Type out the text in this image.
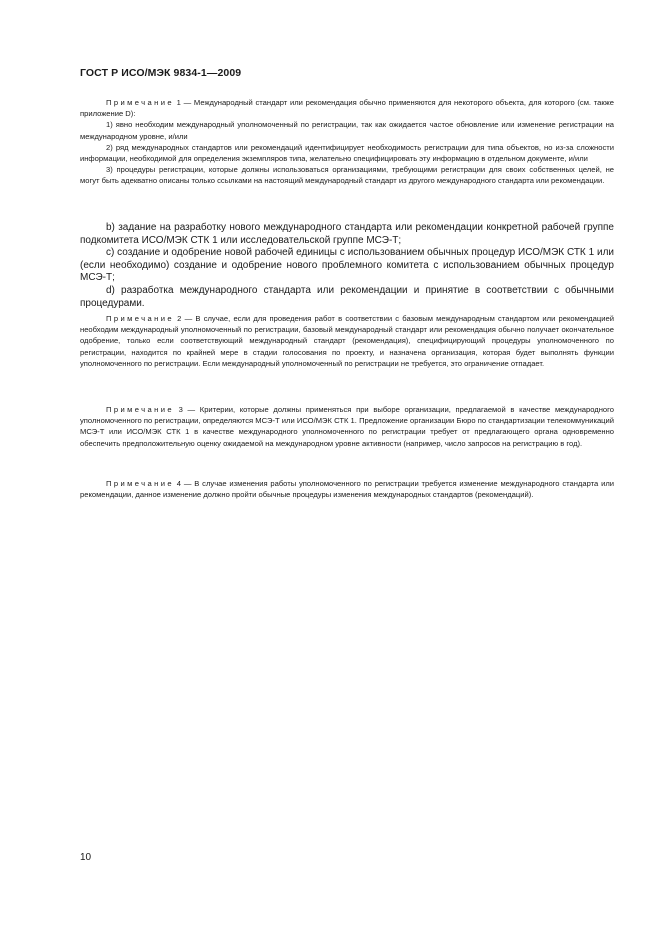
ГОСТ Р ИСО/МЭК 9834-1—2009

Примечание 1 — Международный стандарт или рекомендация обычно применяются для некоторого объекта, для которого (см. также приложение D):

1) явно необходим международный уполномоченный по регистрации, так как ожидается частое обновление или изменение регистрации на международном уровне, и/или

2) ряд международных стандартов или рекомендаций идентифицирует необходимость регистрации для типа объектов, но из-за сложности информации, необходимой для определения экземпляров типа, желательно специфицировать эту информацию в отдельном документе, и/или

3) процедуры регистрации, которые должны использоваться организациями, требующими регистрации для своих собственных целей, не могут быть адекватно описаны только ссылками на настоящий международный стандарт из другого международного стандарта или рекомендации.

b) задание на разработку нового международного стандарта или рекомендации конкретной рабочей группе подкомитета ИСО/МЭК СТК 1 или исследовательской группе МСЭ-Т;

c) создание и одобрение новой рабочей единицы с использованием обычных процедур ИСО/МЭК СТК 1 или (если необходимо) создание и одобрение нового проблемного комитета с использованием обычных процедур МСЭ-Т;

d) разработка международного стандарта или рекомендации и принятие в соответствии с обычными процедурами.

Примечание 2 — В случае, если для проведения работ в соответствии с базовым международным стандартом или рекомендацией необходим международный уполномоченный по регистрации, базовый международный стандарт или рекомендация обычно получает окончательное одобрение, только если соответствующий международный стандарт (рекомендация), специфицирующий процедуры уполномоченного по регистрации, находится по крайней мере в стадии голосования по проекту, и назначена организация, которая будет выполнять функции уполномоченного по регистрации. Если международный уполномоченный по регистрации не требуется, это ограничение отпадает.

Примечание 3 — Критерии, которые должны применяться при выборе организации, предлагаемой в качестве международного уполномоченного по регистрации, определяются МСЭ-Т или ИСО/МЭК СТК 1. Предложение организации Бюро по стандартизации телекоммуникаций МСЭ-Т или ИСО/МЭК СТК 1 в качестве международного уполномоченного по регистрации требует от предлагающего органа одновременно обеспечить предположительную оценку ожидаемой на международном уровне активности (например, число запросов на регистрацию в год).

Примечание 4 — В случае изменения работы уполномоченного по регистрации требуется изменение международного стандарта или рекомендации, данное изменение должно пройти обычные процедуры изменения международных стандартов (рекомендаций).

10
